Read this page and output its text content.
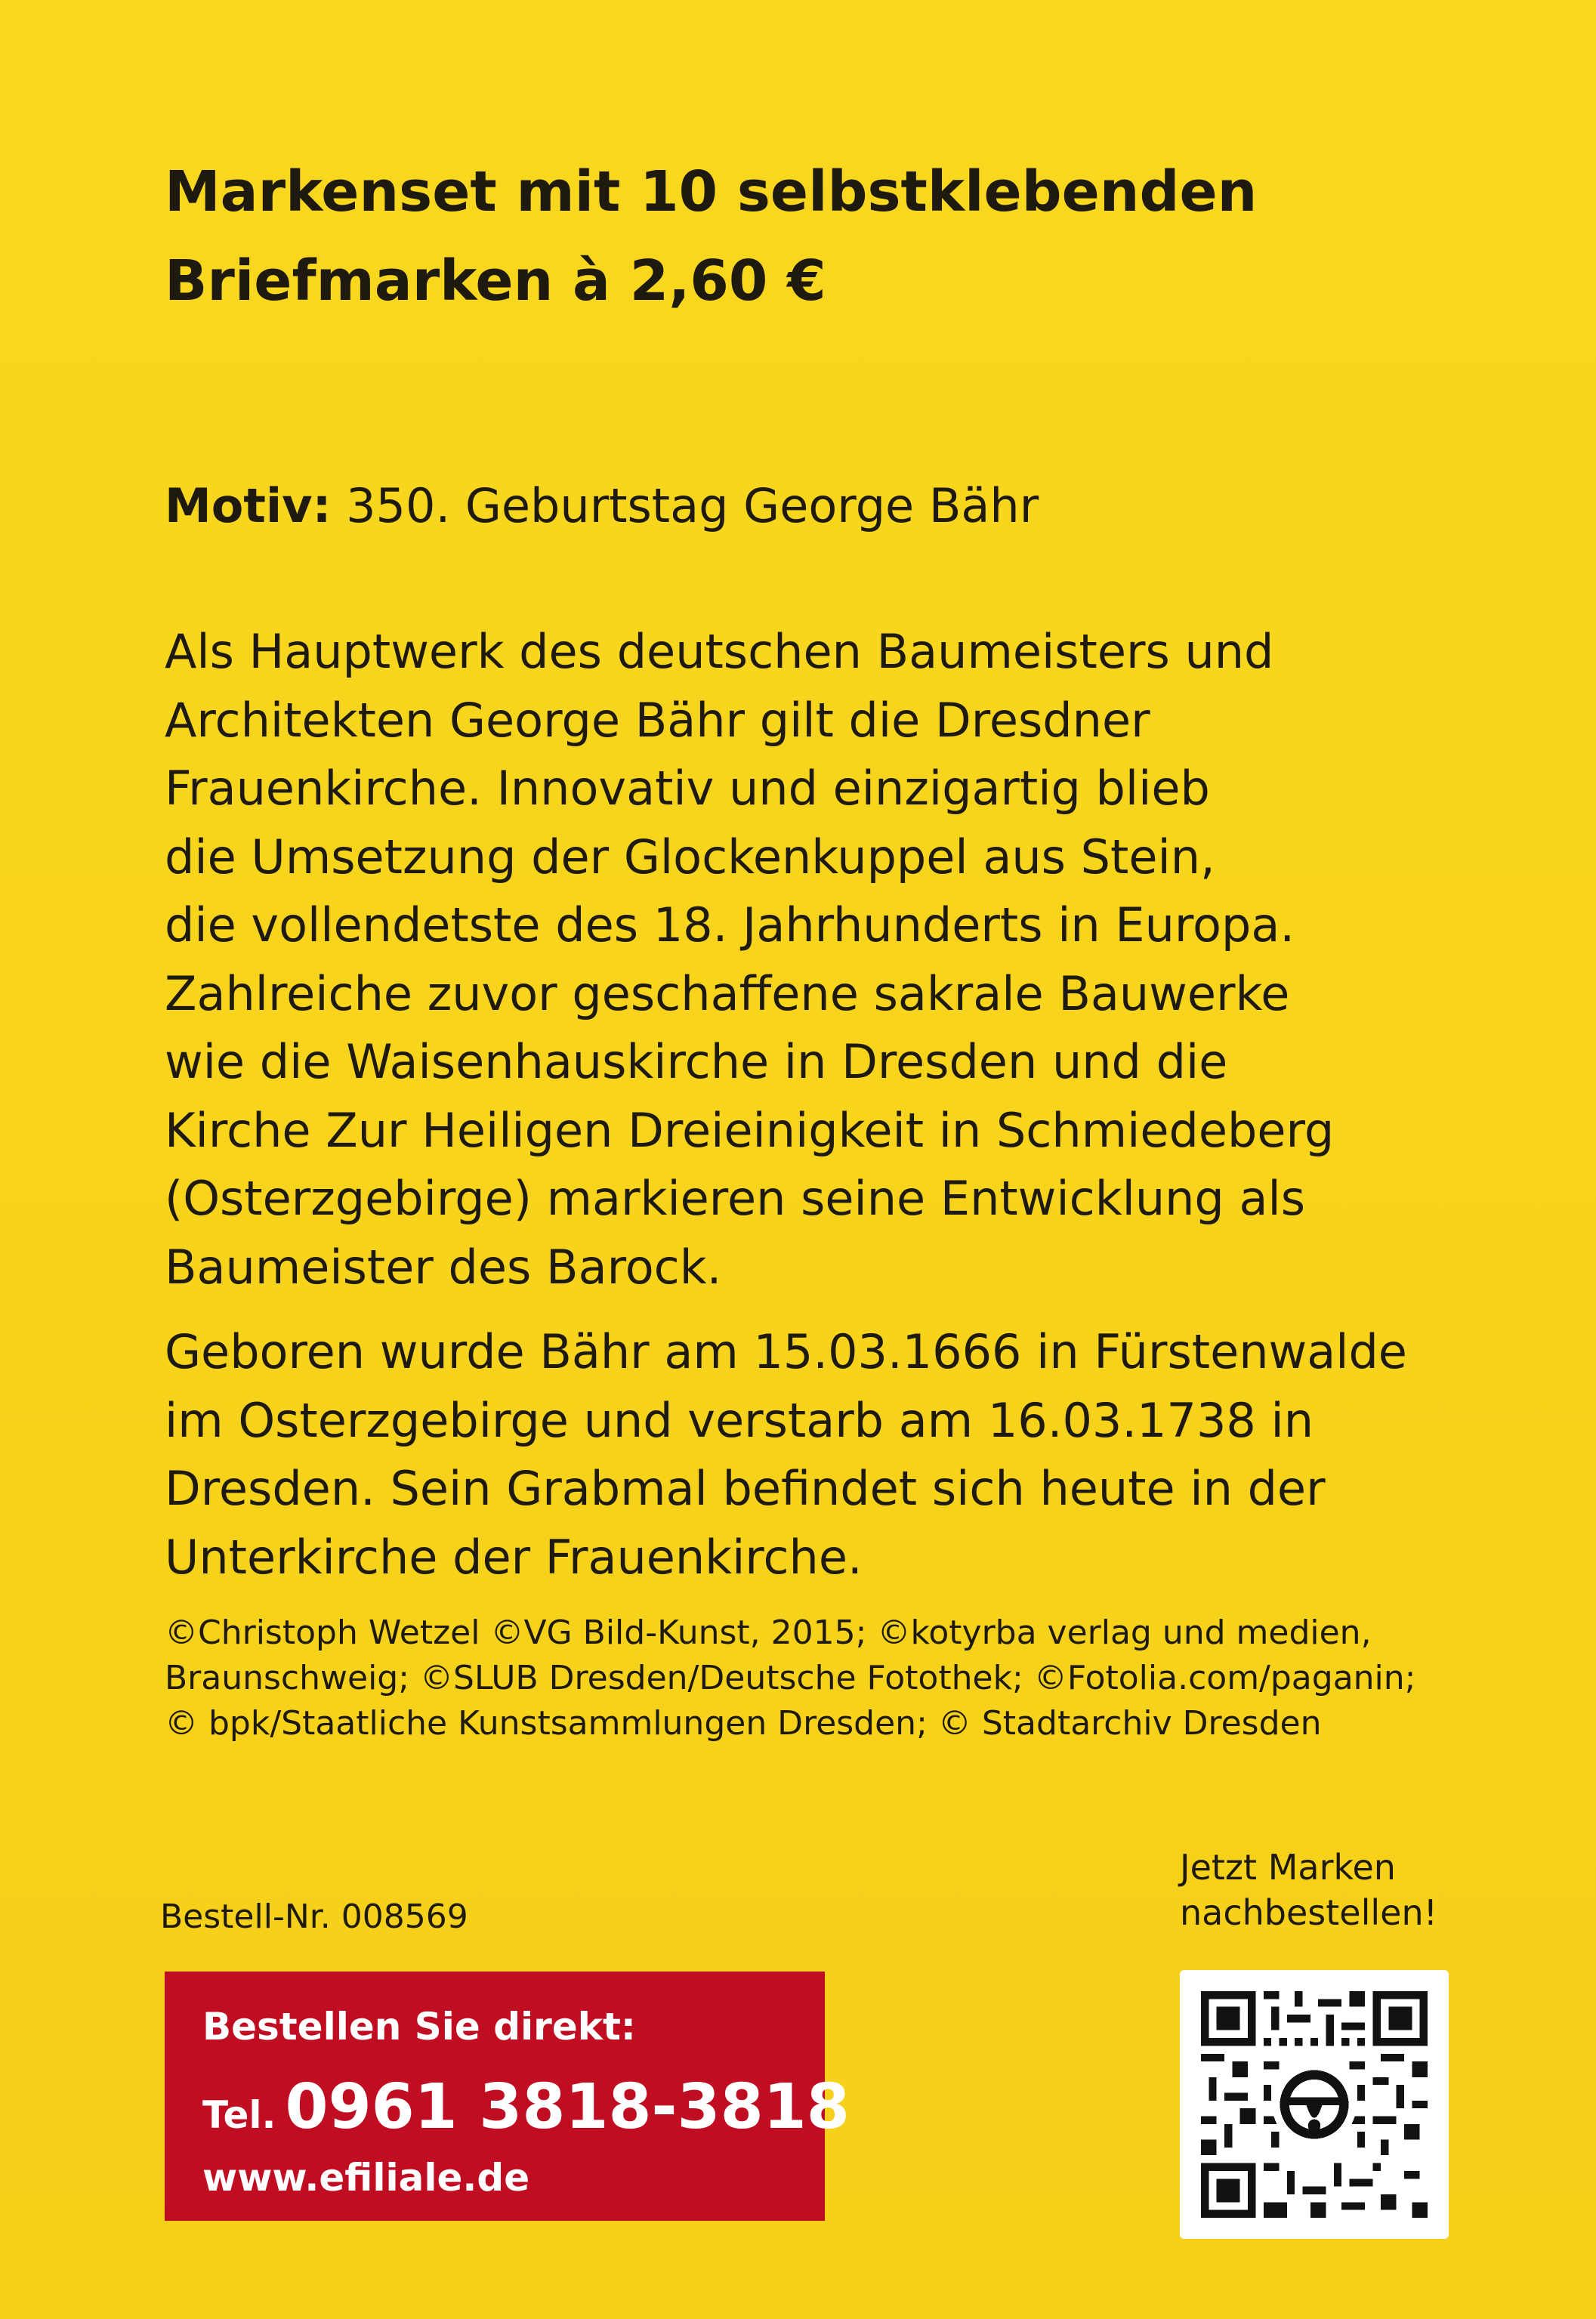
Markenset mit 10 selbstklebenden
Briefmarken à 2,60 €
Motiv: 350. Geburtstag George Bähr

Als Hauptwerk des deutschen Baumeisters und
Architekten George Bähr gilt die Dresdner
Frauenkirche. Innovativ und einzigartig blieb
die Umsetzung der Glockenkuppel aus Stein,
die vollendetste des 18. Jahrhunderts in Europa.
Zahlreiche zuvor geschaffene sakrale Bauwerke
wie die Waisenhauskirche in Dresden und die
Kirche Zur Heiligen Dreieinigkeit in Schmiedeberg
(Osterzgebirge) markieren seine Entwicklung als
Baumeister des Barock.

Geboren wurde Bähr am 15.03.1666 in Fürstenwalde
im Osterzgebirge und verstarb am 16.03.1738 in
Dresden. Sein Grabmal befindet sich heute in der
Unterkirche der Frauenkirche.

©Christoph Wetzel ©VG Bild-Kunst, 2015; ©kotyrba verlag und medien,
Braunschweig; ©SLUB Dresden/Deutsche Fotothek; ©Fotolia.com/paganin;
© bpk/Staatliche Kunstsammlungen Dresden; © Stadtarchiv Dresden
Bestell-Nr. 008569
Bestellen Sie direkt:
Tel. 0961 3818-3818
www.efiliale.de
Jetzt Marken
nachbestellen!
